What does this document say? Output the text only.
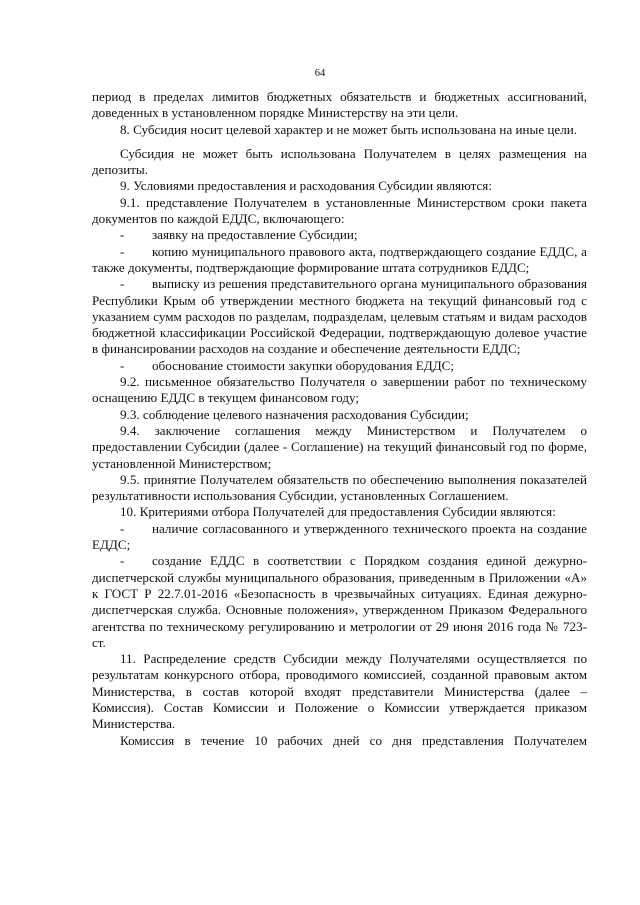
64

период в пределах лимитов бюджетных обязательств и бюджетных ассигнований, доведенных в установленном порядке Министерству на эти цели.

8. Субсидия носит целевой характер и не может быть использована на иные цели.

Субсидия не может быть использована Получателем в целях размещения на депозиты.

9. Условиями предоставления и расходования Субсидии являются:

9.1. представление Получателем в установленные Министерством сроки пакета документов по каждой ЕДДС, включающего:

- заявку на предоставление Субсидии;

- копию муниципального правового акта, подтверждающего создание ЕДДС, а также документы, подтверждающие формирование штата сотрудников ЕДДС;

- выписку из решения представительного органа муниципального образования Республики Крым об утверждении местного бюджета на текущий финансовый год с указанием сумм расходов по разделам, подразделам, целевым статьям и видам расходов бюджетной классификации Российской Федерации, подтверждающую долевое участие в финансировании расходов на создание и обеспечение деятельности ЕДДС;

- обоснование стоимости закупки оборудования ЕДДС;

9.2. письменное обязательство Получателя о завершении работ по техническому оснащению ЕДДС в текущем финансовом году;

9.3. соблюдение целевого назначения расходования Субсидии;

9.4. заключение соглашения между Министерством и Получателем о предоставлении Субсидии (далее - Соглашение) на текущий финансовый год по форме, установленной Министерством;

9.5. принятие Получателем обязательств по обеспечению выполнения показателей результативности использования Субсидии, установленных Соглашением.

10. Критериями отбора Получателей для предоставления Субсидии являются:

- наличие согласованного и утвержденного технического проекта на создание ЕДДС;

- создание ЕДДС в соответствии с Порядком создания единой дежурно-диспетчерской службы муниципального образования, приведенным в Приложении «А» к ГОСТ Р 22.7.01-2016 «Безопасность в чрезвычайных ситуациях. Единая дежурно-диспетчерская служба. Основные положения», утвержденном Приказом Федерального агентства по техническому регулированию и метрологии от 29 июня 2016 года № 723-ст.

11. Распределение средств Субсидии между Получателями осуществляется по результатам конкурсного отбора, проводимого комиссией, созданной правовым актом Министерства, в состав которой входят представители Министерства (далее – Комиссия). Состав Комиссии и Положение о Комиссии утверждается приказом Министерства.

Комиссия в течение 10 рабочих дней со дня представления Получателем
